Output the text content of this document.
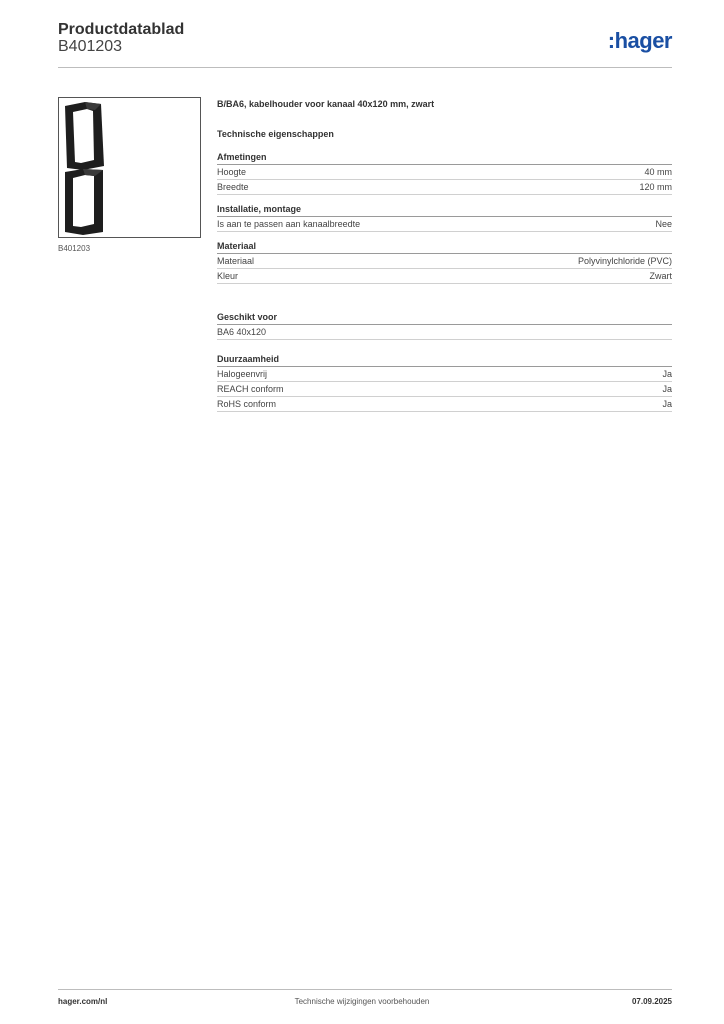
Productdatablad
B401203	:hager
B401203
B/BA6, kabelhouder voor kanaal 40x120 mm, zwart
Technische eigenschappen
Afmetingen
Hoogte	40 mm
Breedte	120 mm
Installatie, montage
Is aan te passen aan kanaalbreedte	Nee
Materiaal
Materiaal	Polyvinylchloride (PVC)
Kleur	Zwart
Geschikt voor
BA6 40x120
Duurzaamheid
Halogeenvrij	Ja
REACH conform	Ja
RoHS conform	Ja
hager.com/nl	Technische wijzigingen voorbehouden	07.09.2025
